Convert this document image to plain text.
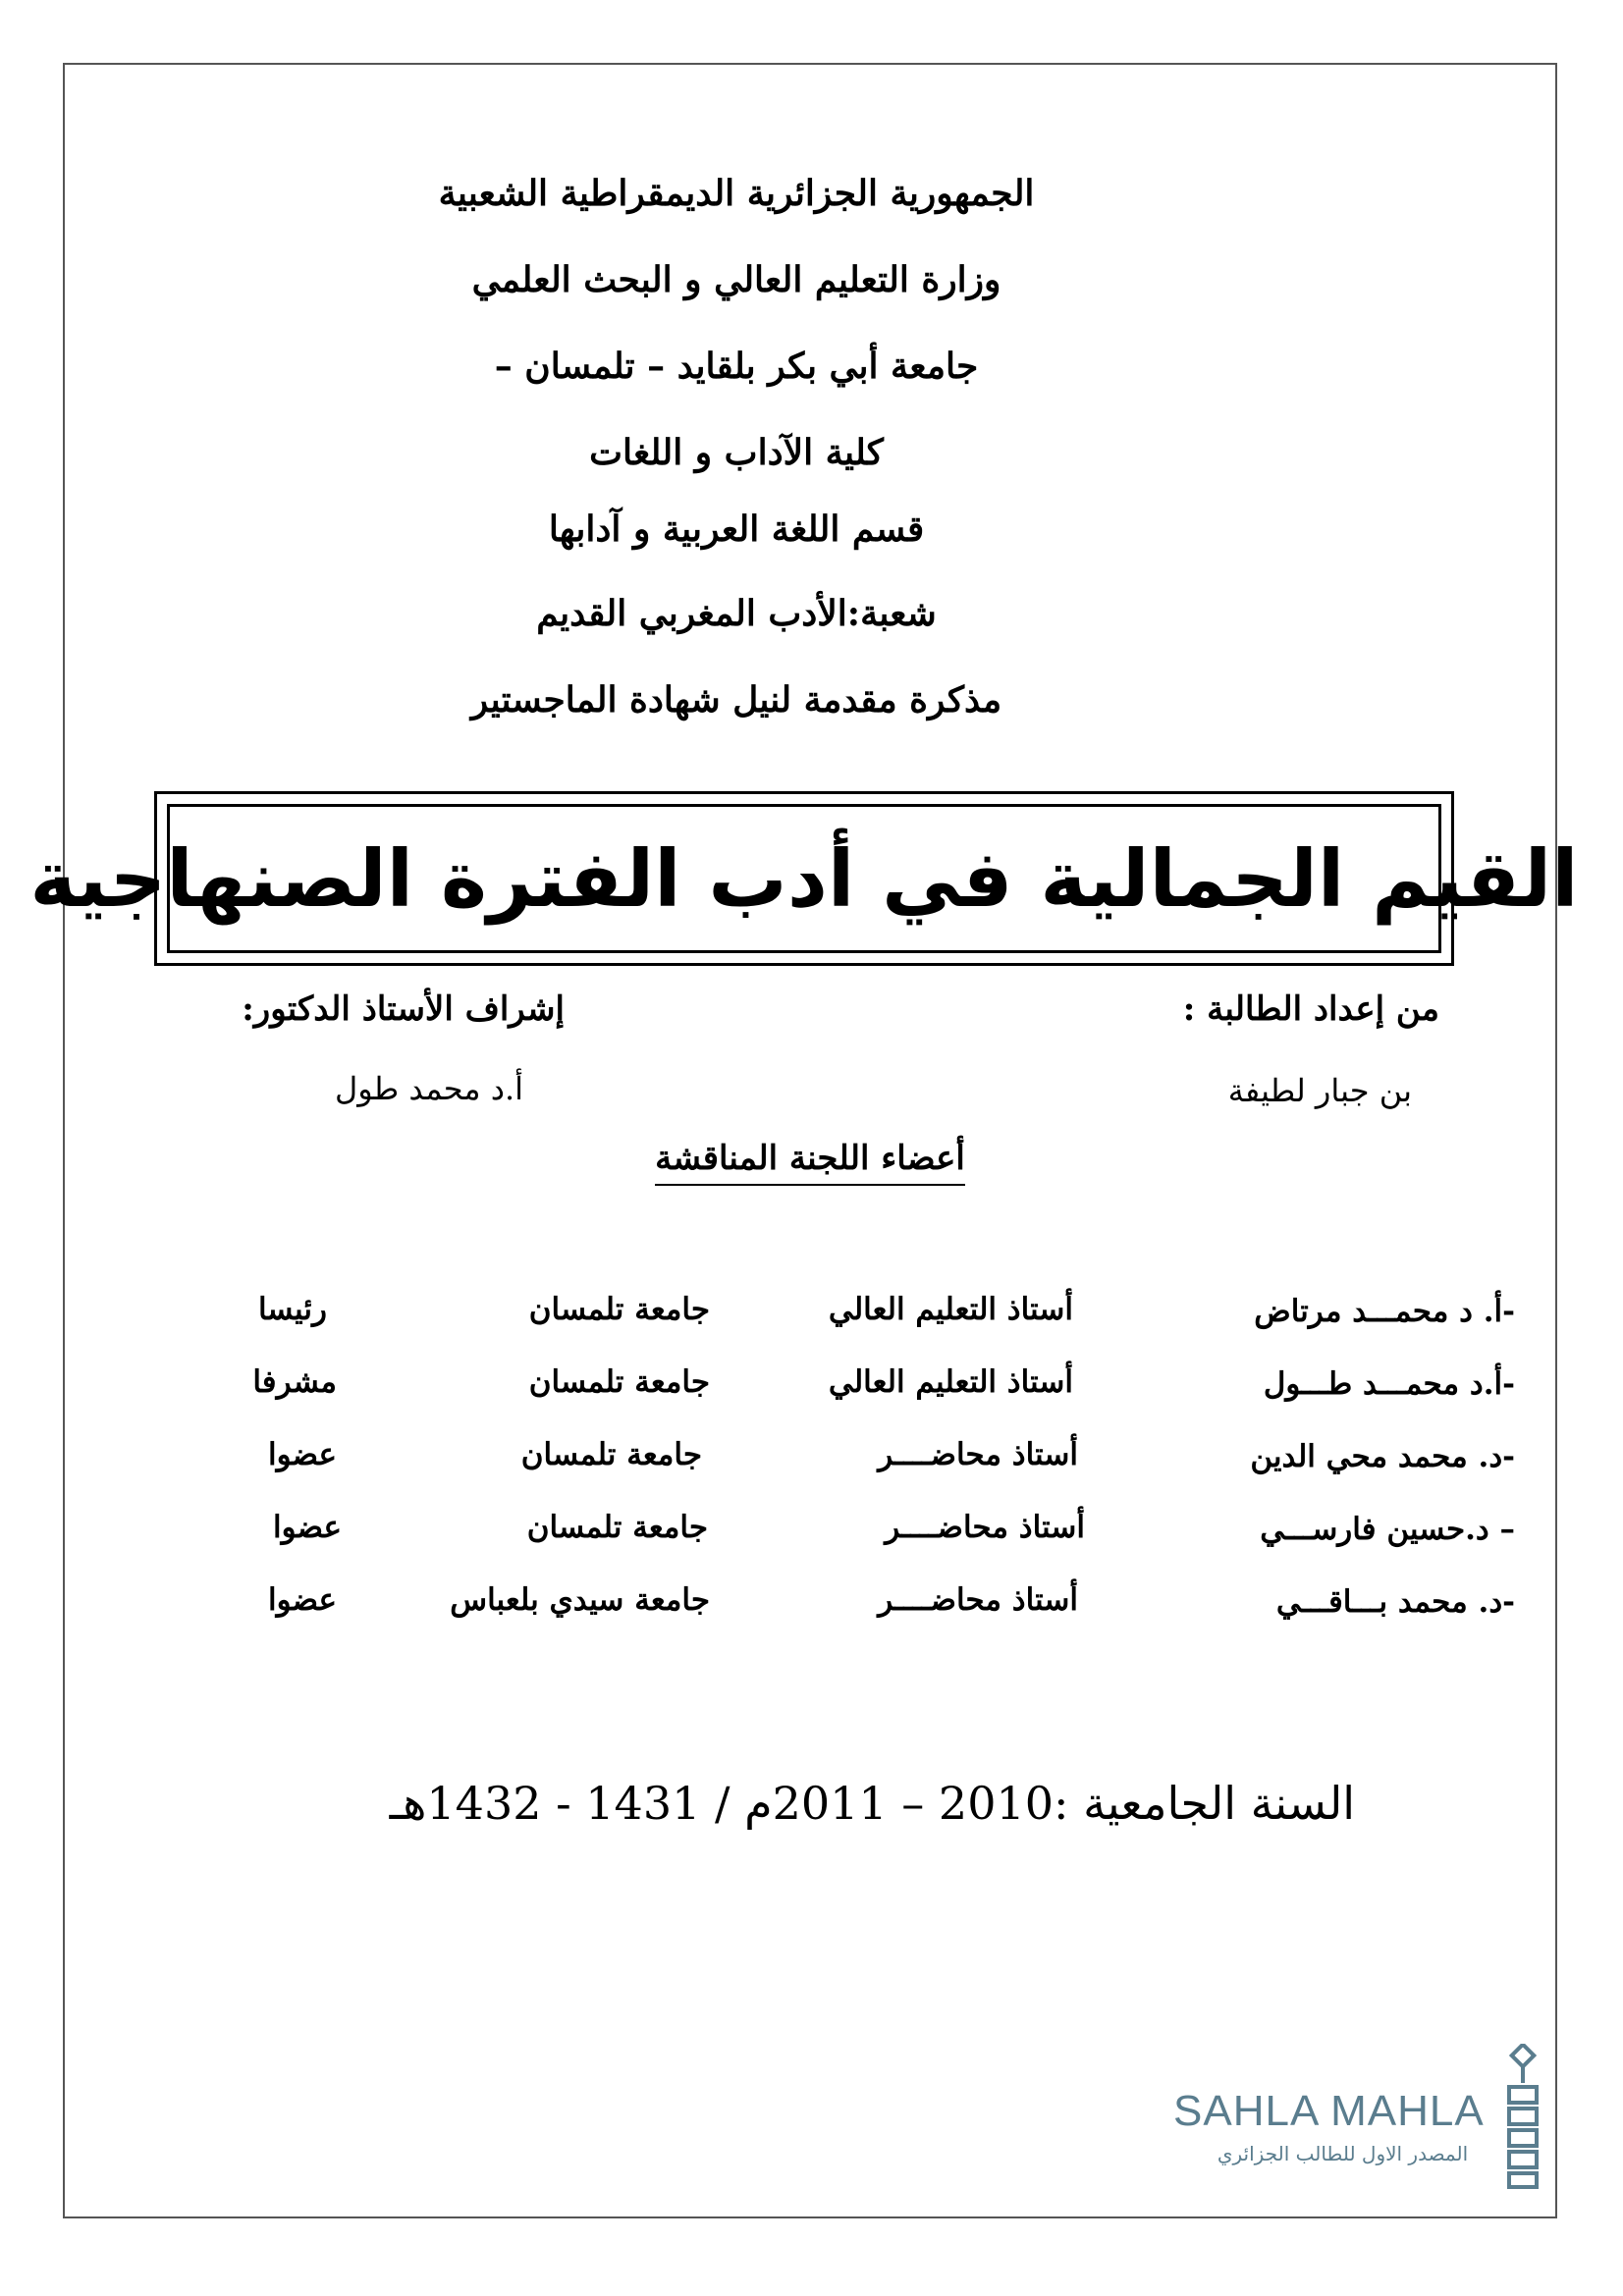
الجمهورية الجزائرية الديمقراطية الشعبية
وزارة التعليم العالي و البحث العلمي
جامعة أبي بكر بلقايد – تلمسان –
كلية الآداب و اللغات
قسم اللغة العربية و آدابها
شعبة:الأدب المغربي القديم
مذكرة مقدمة لنيل شهادة الماجستير
القيم الجمالية في أدب الفترة الصنهاجية
من إعداد الطالبة :
إشراف الأستاذ الدكتور:
بن جبار لطيفة
أ.د محمد طول
أعضاء اللجنة المناقشة
-أ. د محمـــد مرتاض
أستاذ التعليم العالي
جامعة تلمسان
رئيسا
-أ.د محمـــد طـــول
أستاذ التعليم العالي
جامعة تلمسان
مشرفا
-د. محمد محي الدين
أستاذ محاضــــر
جامعة تلمسان
عضوا
– د.حسين فارســـي
أستاذ محاضــــر
جامعة تلمسان
عضوا
-د. محمد بـــاقـــي
أستاذ محاضــــر
جامعة سيدي بلعباس
عضوا
السنة الجامعية :2010 – 2011م / 1431 - 1432هـ
SAHLA MAHLA
المصدر الاول للطالب الجزائري
